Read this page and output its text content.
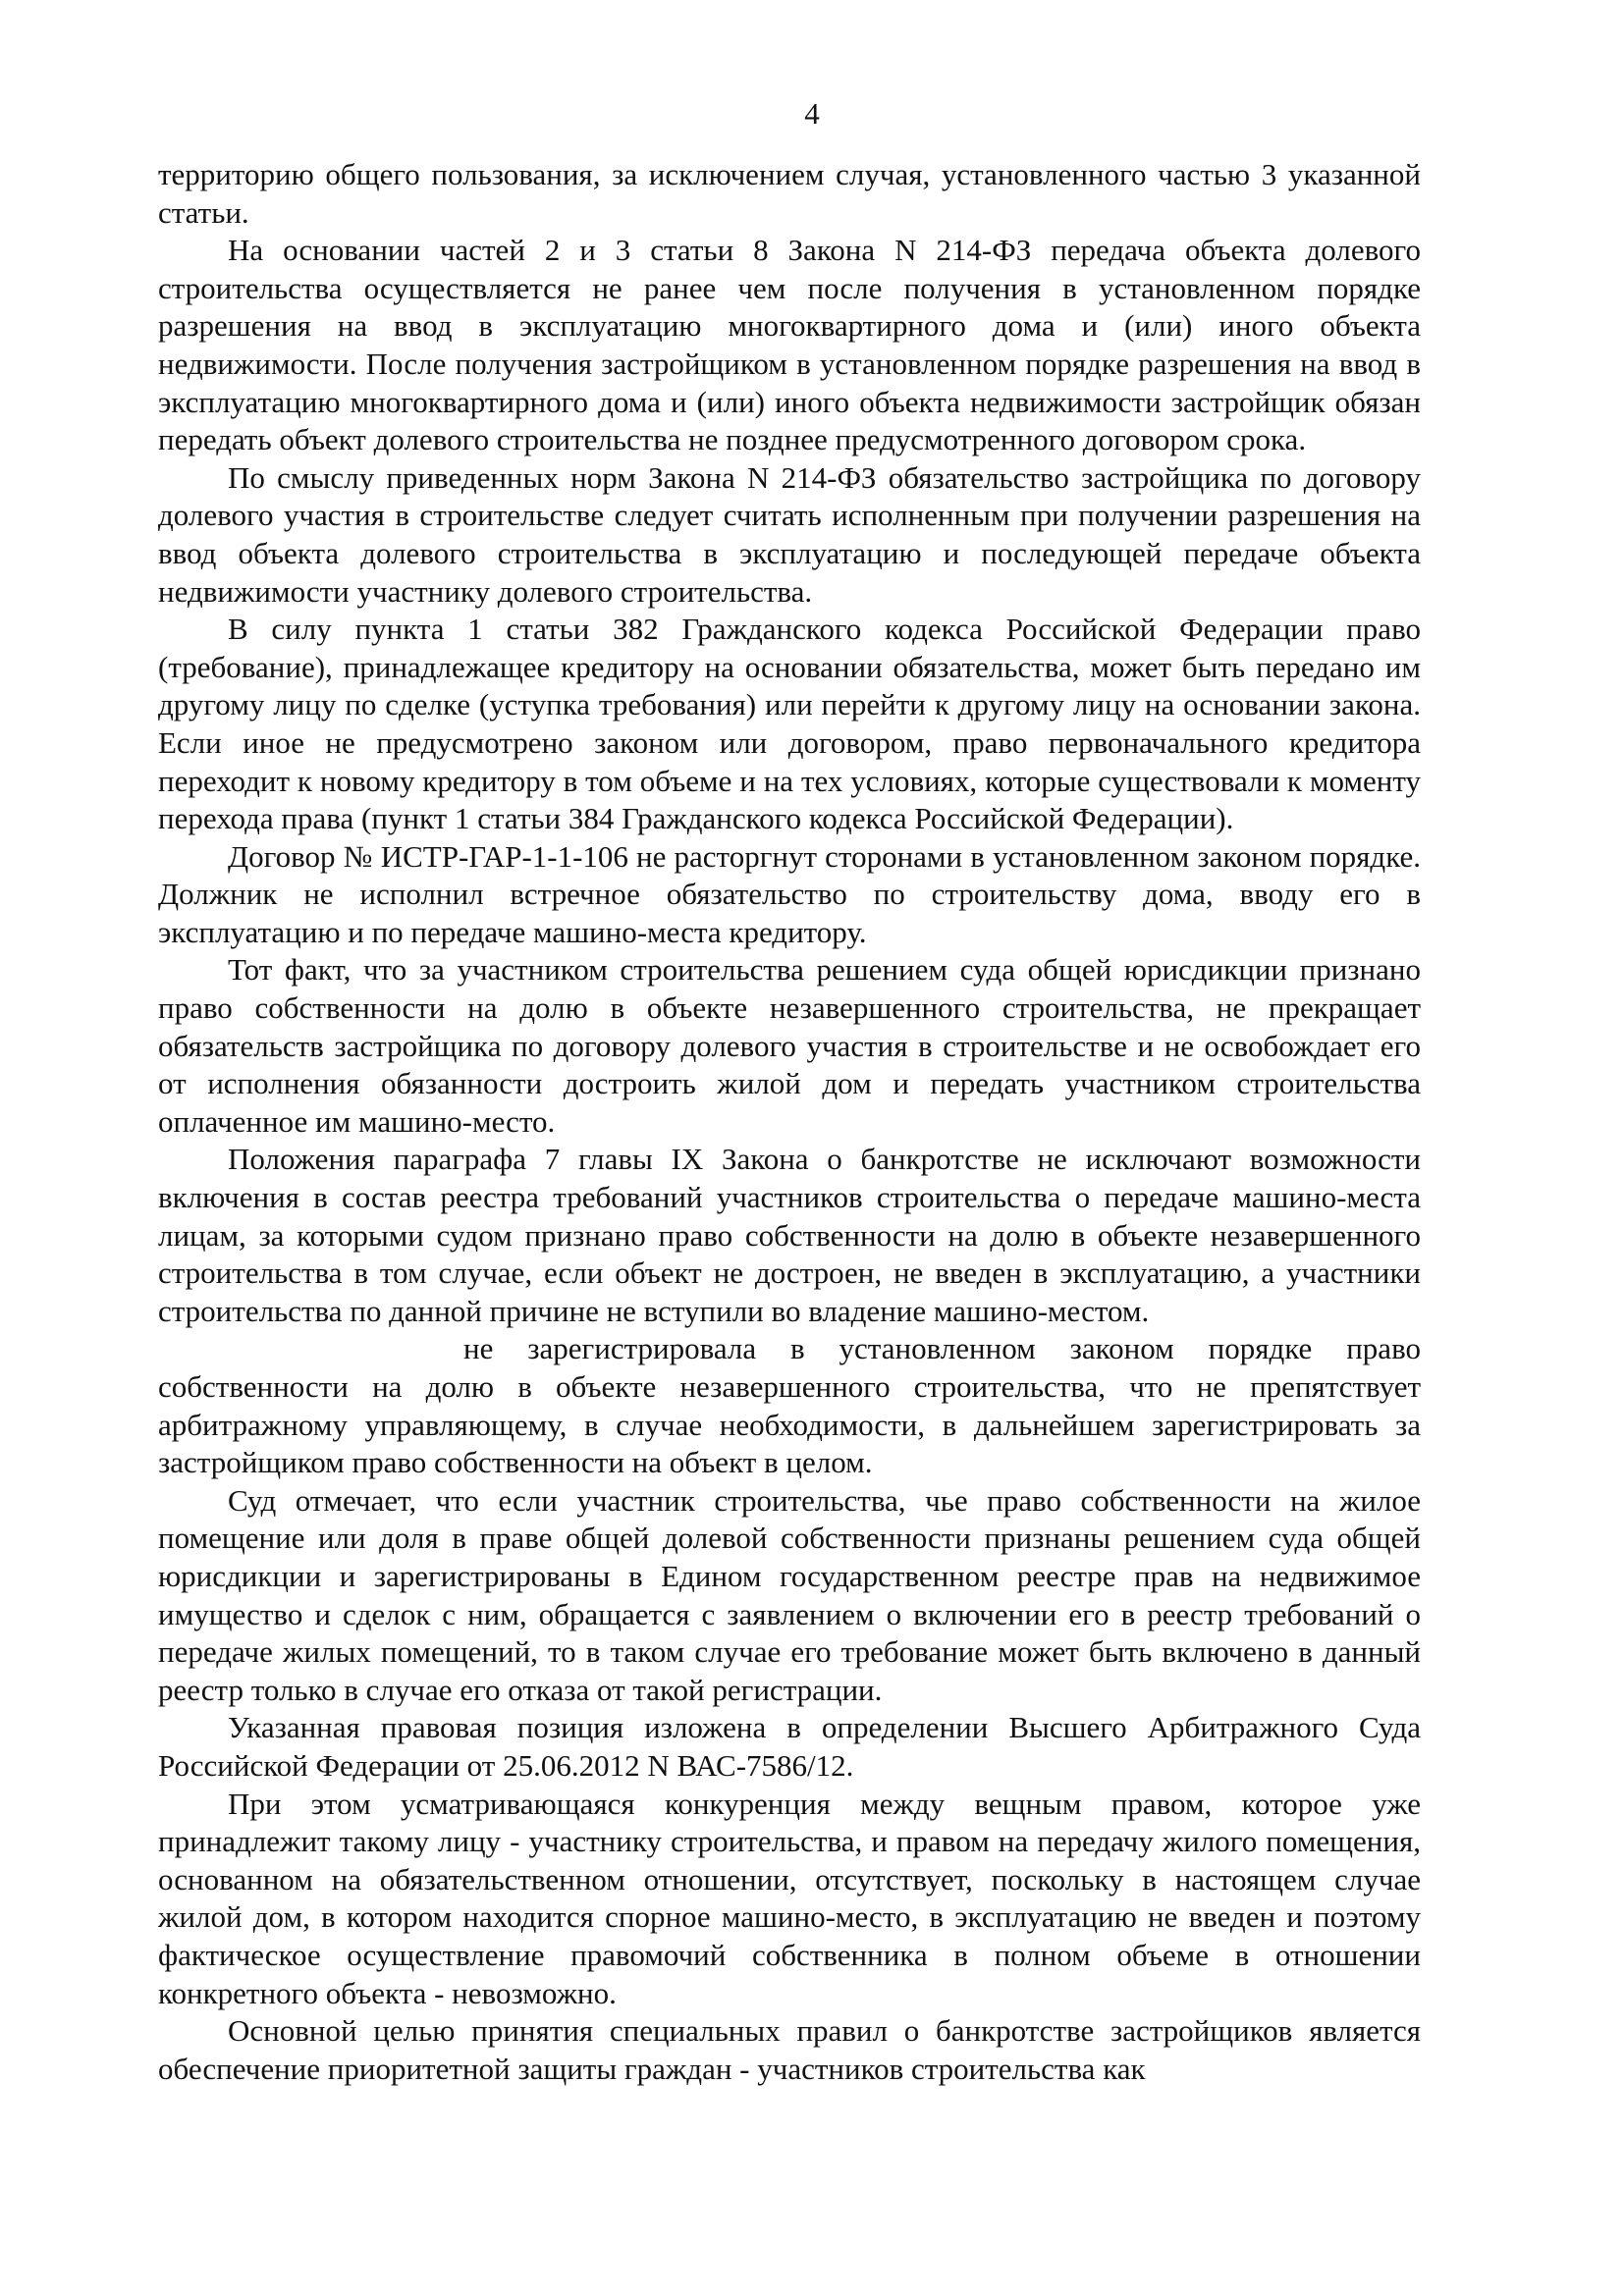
4

территорию общего пользования, за исключением случая, установленного частью 3 указанной статьи.

На основании частей 2 и 3 статьи 8 Закона N 214-ФЗ передача объекта долевого строительства осуществляется не ранее чем после получения в установленном порядке разрешения на ввод в эксплуатацию многоквартирного дома и (или) иного объекта недвижимости. После получения застройщиком в установленном порядке разрешения на ввод в эксплуатацию многоквартирного дома и (или) иного объекта недвижимости застройщик обязан передать объект долевого строительства не позднее предусмотренного договором срока.

По смыслу приведенных норм Закона N 214-ФЗ обязательство застройщика по договору долевого участия в строительстве следует считать исполненным при получении разрешения на ввод объекта долевого строительства в эксплуатацию и последующей передаче объекта недвижимости участнику долевого строительства.

В силу пункта 1 статьи 382 Гражданского кодекса Российской Федерации право (требование), принадлежащее кредитору на основании обязательства, может быть передано им другому лицу по сделке (уступка требования) или перейти к другому лицу на основании закона. Если иное не предусмотрено законом или договором, право первоначального кредитора переходит к новому кредитору в том объеме и на тех условиях, которые существовали к моменту перехода права (пункт 1 статьи 384 Гражданского кодекса Российской Федерации).

Договор № ИСТР-ГАР-1-1-106 не расторгнут сторонами в установленном законом порядке. Должник не исполнил встречное обязательство по строительству дома, вводу его в эксплуатацию и по передаче машино-места кредитору.

Тот факт, что за участником строительства решением суда общей юрисдикции признано право собственности на долю в объекте незавершенного строительства, не прекращает обязательств застройщика по договору долевого участия в строительстве и не освобождает его от исполнения обязанности достроить жилой дом и передать участником строительства оплаченное им машино-место.

Положения параграфа 7 главы IX Закона о банкротстве не исключают возможности включения в состав реестра требований участников строительства о передаче машино-места лицам, за которыми судом признано право собственности на долю в объекте незавершенного строительства в том случае, если объект не достроен, не введен в эксплуатацию, а участники строительства по данной причине не вступили во владение машино-местом.

не зарегистрировала в установленном законом порядке право собственности на долю в объекте незавершенного строительства, что не препятствует арбитражному управляющему, в случае необходимости, в дальнейшем зарегистрировать за застройщиком право собственности на объект в целом.

Суд отмечает, что если участник строительства, чье право собственности на жилое помещение или доля в праве общей долевой собственности признаны решением суда общей юрисдикции и зарегистрированы в Едином государственном реестре прав на недвижимое имущество и сделок с ним, обращается с заявлением о включении его в реестр требований о передаче жилых помещений, то в таком случае его требование может быть включено в данный реестр только в случае его отказа от такой регистрации.

Указанная правовая позиция изложена в определении Высшего Арбитражного Суда Российской Федерации от 25.06.2012 N ВАС-7586/12.

При этом усматривающаяся конкуренция между вещным правом, которое уже принадлежит такому лицу - участнику строительства, и правом на передачу жилого помещения, основанном на обязательственном отношении, отсутствует, поскольку в настоящем случае жилой дом, в котором находится спорное машино-место, в эксплуатацию не введен и поэтому фактическое осуществление правомочий собственника в полном объеме в отношении конкретного объекта - невозможно.

Основной целью принятия специальных правил о банкротстве застройщиков является обеспечение приоритетной защиты граждан - участников строительства как
